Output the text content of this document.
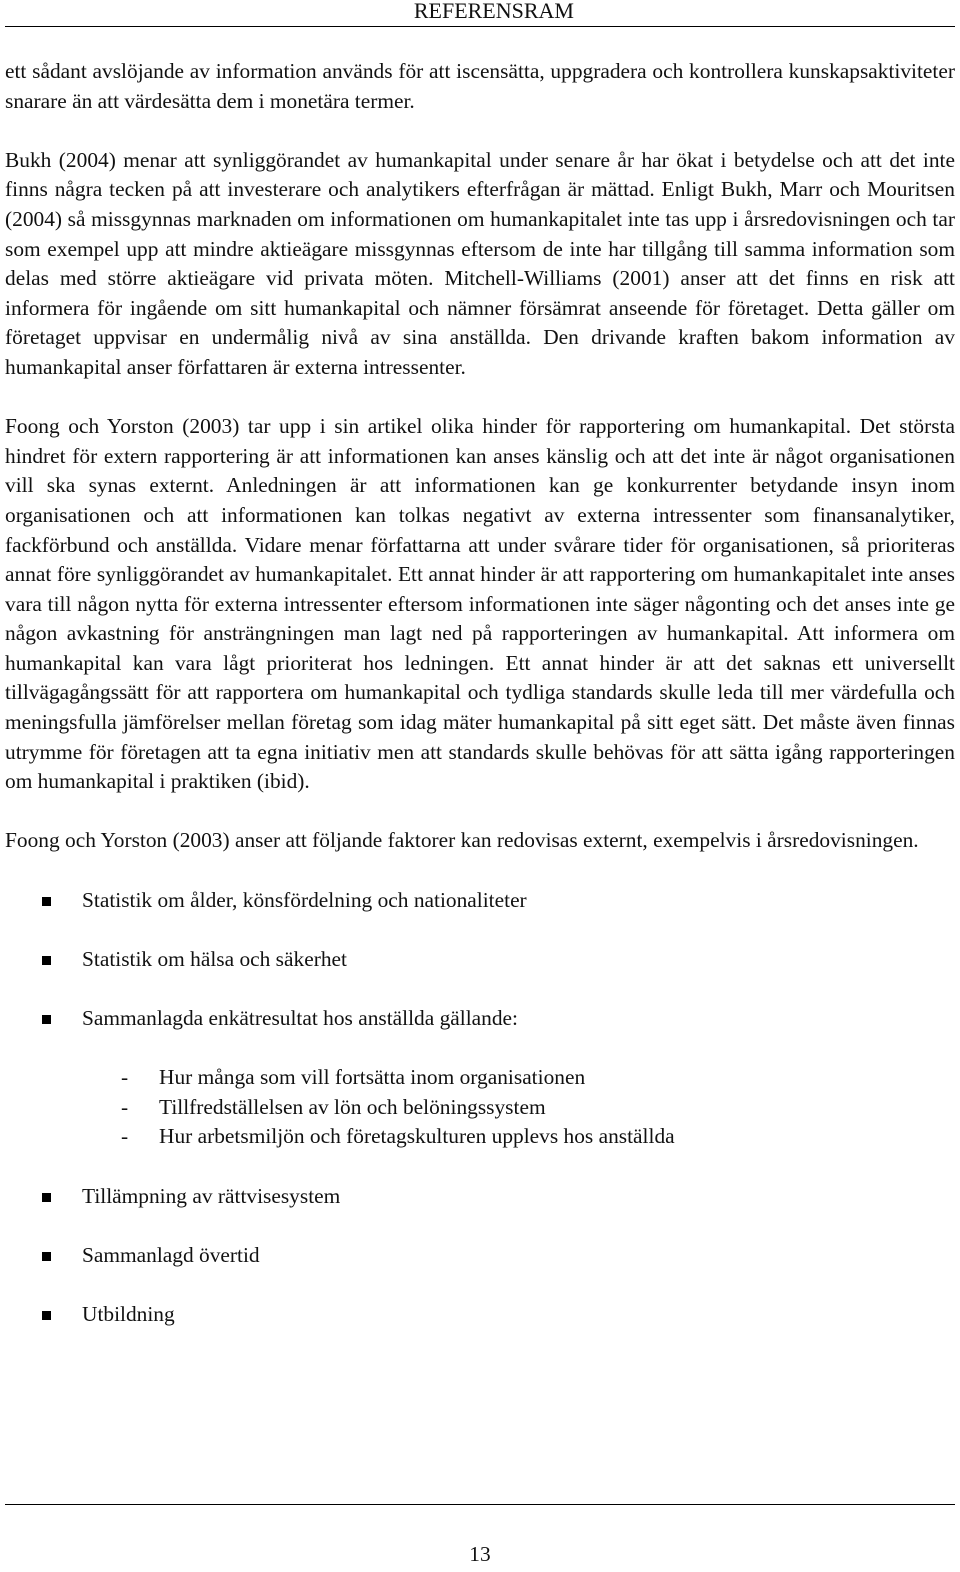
REFERENSRAM

ett sådant avslöjande av information används för att iscensätta, uppgradera och kontrollera kunskapsaktiviteter snarare än att värdesätta dem i monetära termer.

Bukh (2004) menar att synliggörandet av humankapital under senare år har ökat i betydelse och att det inte finns några tecken på att investerare och analytikers efterfrågan är mättad. Enligt Bukh, Marr och Mouritsen (2004) så missgynnas marknaden om informationen om humankapitalet inte tas upp i årsredovisningen och tar som exempel upp att mindre aktieägare missgynnas eftersom de inte har tillgång till samma information som delas med större aktieägare vid privata möten. Mitchell-Williams (2001) anser att det finns en risk att informera för ingående om sitt humankapital och nämner försämrat anseende för företaget. Detta gäller om företaget uppvisar en undermålig nivå av sina anställda. Den drivande kraften bakom information av humankapital anser författaren är externa intressenter.

Foong och Yorston (2003) tar upp i sin artikel olika hinder för rapportering om humankapital. Det största hindret för extern rapportering är att informationen kan anses känslig och att det inte är något organisationen vill ska synas externt. Anledningen är att informationen kan ge konkurrenter betydande insyn inom organisationen och att informationen kan tolkas negativt av externa intressenter som finansanalytiker, fackförbund och anställda. Vidare menar författarna att under svårare tider för organisationen, så prioriteras annat före synliggörandet av humankapitalet. Ett annat hinder är att rapportering om humankapitalet inte anses vara till någon nytta för externa intressenter eftersom informationen inte säger någonting och det anses inte ge någon avkastning för ansträngningen man lagt ned på rapporteringen av humankapital. Att informera om humankapital kan vara lågt prioriterat hos ledningen. Ett annat hinder är att det saknas ett universellt tillvägagångssätt för att rapportera om humankapital och tydliga standards skulle leda till mer värdefulla och meningsfulla jämförelser mellan företag som idag mäter humankapital på sitt eget sätt. Det måste även finnas utrymme för företagen att ta egna initiativ men att standards skulle behövas för att sätta igång rapporteringen om humankapital i praktiken (ibid).

Foong och Yorston (2003) anser att följande faktorer kan redovisas externt, exempelvis i årsredovisningen.

Statistik om ålder, könsfördelning och nationaliteter
Statistik om hälsa och säkerhet
Sammanlagda enkätresultat hos anställda gällande:
- Hur många som vill fortsätta inom organisationen
- Tillfredställelsen av lön och belöningssystem
- Hur arbetsmiljön och företagskulturen upplevs hos anställda
Tillämpning av rättvisesystem
Sammanlagd övertid
Utbildning
13
